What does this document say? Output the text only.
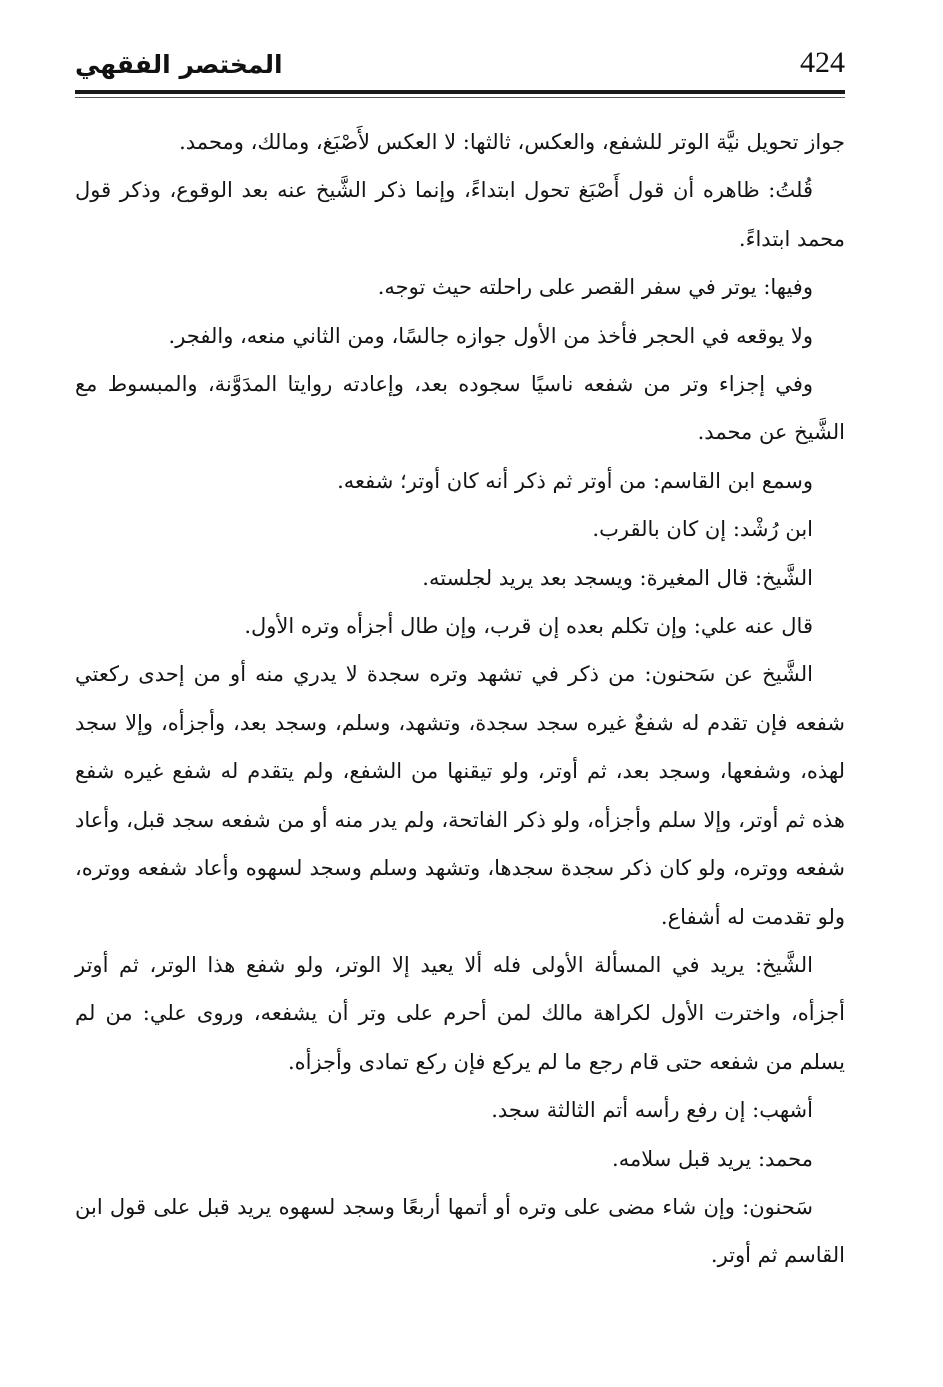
424
المختصر الفقهي

جواز تحويل نيَّة الوتر للشفع، والعكس، ثالثها: لا العكس لأَصْبَغ، ومالك، ومحمد.

قُلتُ: ظاهره أن قول أَصْبَغ تحول ابتداءً، وإنما ذكر الشَّيخ عنه بعد الوقوع، وذكر قول محمد ابتداءً.

وفيها: يوتر في سفر القصر على راحلته حيث توجه.

ولا يوقعه في الحجر فأخذ من الأول جوازه جالسًا، ومن الثاني منعه، والفجر.

وفي إجزاء وتر من شفعه ناسيًا سجوده بعد، وإعادته روايتا المدَوَّنة، والمبسوط مع الشَّيخ عن محمد.

وسمع ابن القاسم: من أوتر ثم ذكر أنه كان أوتر؛ شفعه.

ابن رُشْد: إن كان بالقرب.

الشَّيخ: قال المغيرة: ويسجد بعد يريد لجلسته.

قال عنه علي: وإن تكلم بعده إن قرب، وإن طال أجزأه وتره الأول.

الشَّيخ عن سَحنون: من ذكر في تشهد وتره سجدة لا يدري منه أو من إحدى ركعتي شفعه فإن تقدم له شفعٌ غيره سجد سجدة، وتشهد، وسلم، وسجد بعد، وأجزأه، وإلا سجد لهذه، وشفعها، وسجد بعد، ثم أوتر، ولو تيقنها من الشفع، ولم يتقدم له شفع غيره شفع هذه ثم أوتر، وإلا سلم وأجزأه، ولو ذكر الفاتحة، ولم يدر منه أو من شفعه سجد قبل، وأعاد شفعه ووتره، ولو كان ذكر سجدة سجدها، وتشهد وسلم وسجد لسهوه وأعاد شفعه ووتره، ولو تقدمت له أشفاع.

الشَّيخ: يريد في المسألة الأولى فله ألا يعيد إلا الوتر، ولو شفع هذا الوتر، ثم أوتر أجزأه، واخترت الأول لكراهة مالك لمن أحرم على وتر أن يشفعه، وروى علي: من لم يسلم من شفعه حتى قام رجع ما لم يركع فإن ركع تمادى وأجزأه.

أشهب: إن رفع رأسه أتم الثالثة سجد.

محمد: يريد قبل سلامه.

سَحنون: وإن شاء مضى على وتره أو أتمها أربعًا وسجد لسهوه يريد قبل على قول ابن القاسم ثم أوتر.
